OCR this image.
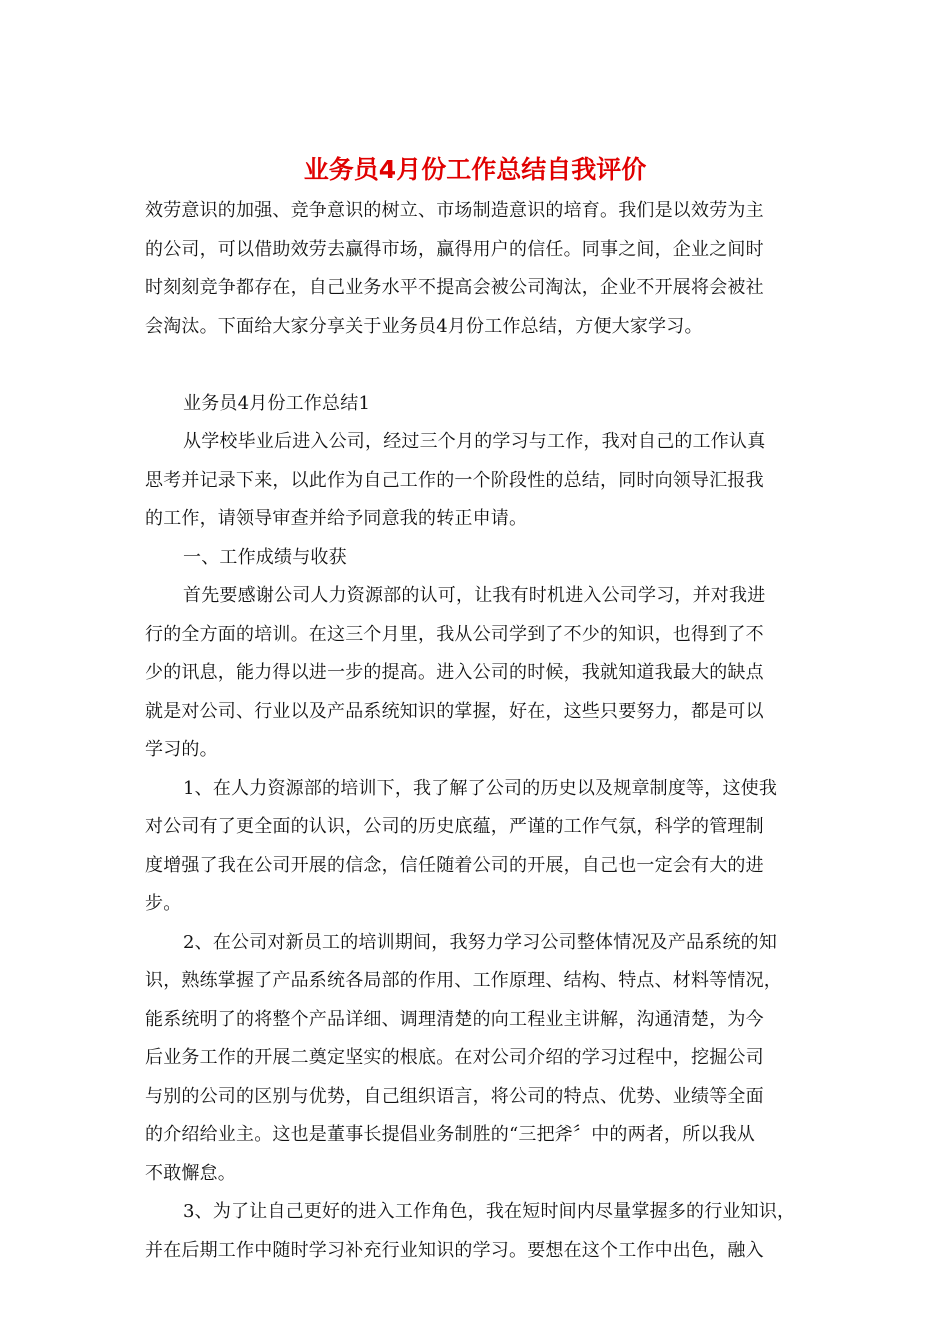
业务员4月份工作总结自我评价
效劳意识的加强、竞争意识的树立、市场制造意识的培育。我们是以效劳为主
的公司，可以借助效劳去赢得市场，赢得用户的信任。同事之间，企业之间时
时刻刻竞争都存在，自己业务水平不提高会被公司淘汰，企业不开展将会被社
会淘汰。下面给大家分享关于业务员4月份工作总结，方便大家学习。
业务员4月份工作总结1
从学校毕业后进入公司，经过三个月的学习与工作，我对自己的工作认真
思考并记录下来，以此作为自己工作的一个阶段性的总结，同时向领导汇报我
的工作，请领导审查并给予同意我的转正申请。
一、工作成绩与收获
首先要感谢公司人力资源部的认可，让我有时机进入公司学习，并对我进
行的全方面的培训。在这三个月里，我从公司学到了不少的知识，也得到了不
少的讯息，能力得以进一步的提高。进入公司的时候，我就知道我最大的缺点
就是对公司、行业以及产品系统知识的掌握，好在，这些只要努力，都是可以
学习的。
1、在人力资源部的培训下，我了解了公司的历史以及规章制度等，这使我
对公司有了更全面的认识，公司的历史底蕴，严谨的工作气氛，科学的管理制
度增强了我在公司开展的信念，信任随着公司的开展，自己也一定会有大的进
步。
2、在公司对新员工的培训期间，我努力学习公司整体情况及产品系统的知
识，熟练掌握了产品系统各局部的作用、工作原理、结构、特点、材料等情况，
能系统明了的将整个产品详细、调理清楚的向工程业主讲解，沟通清楚，为今
后业务工作的开展二奠定坚实的根底。在对公司介绍的学习过程中，挖掘公司
与别的公司的区别与优势，自己组织语言，将公司的特点、优势、业绩等全面
的介绍给业主。这也是董事长提倡业务制胜的“三把斧〞中的两者，所以我从
不敢懈怠。
3、为了让自己更好的进入工作角色，我在短时间内尽量掌握多的行业知识，
并在后期工作中随时学习补充行业知识的学习。要想在这个工作中出色，融入
